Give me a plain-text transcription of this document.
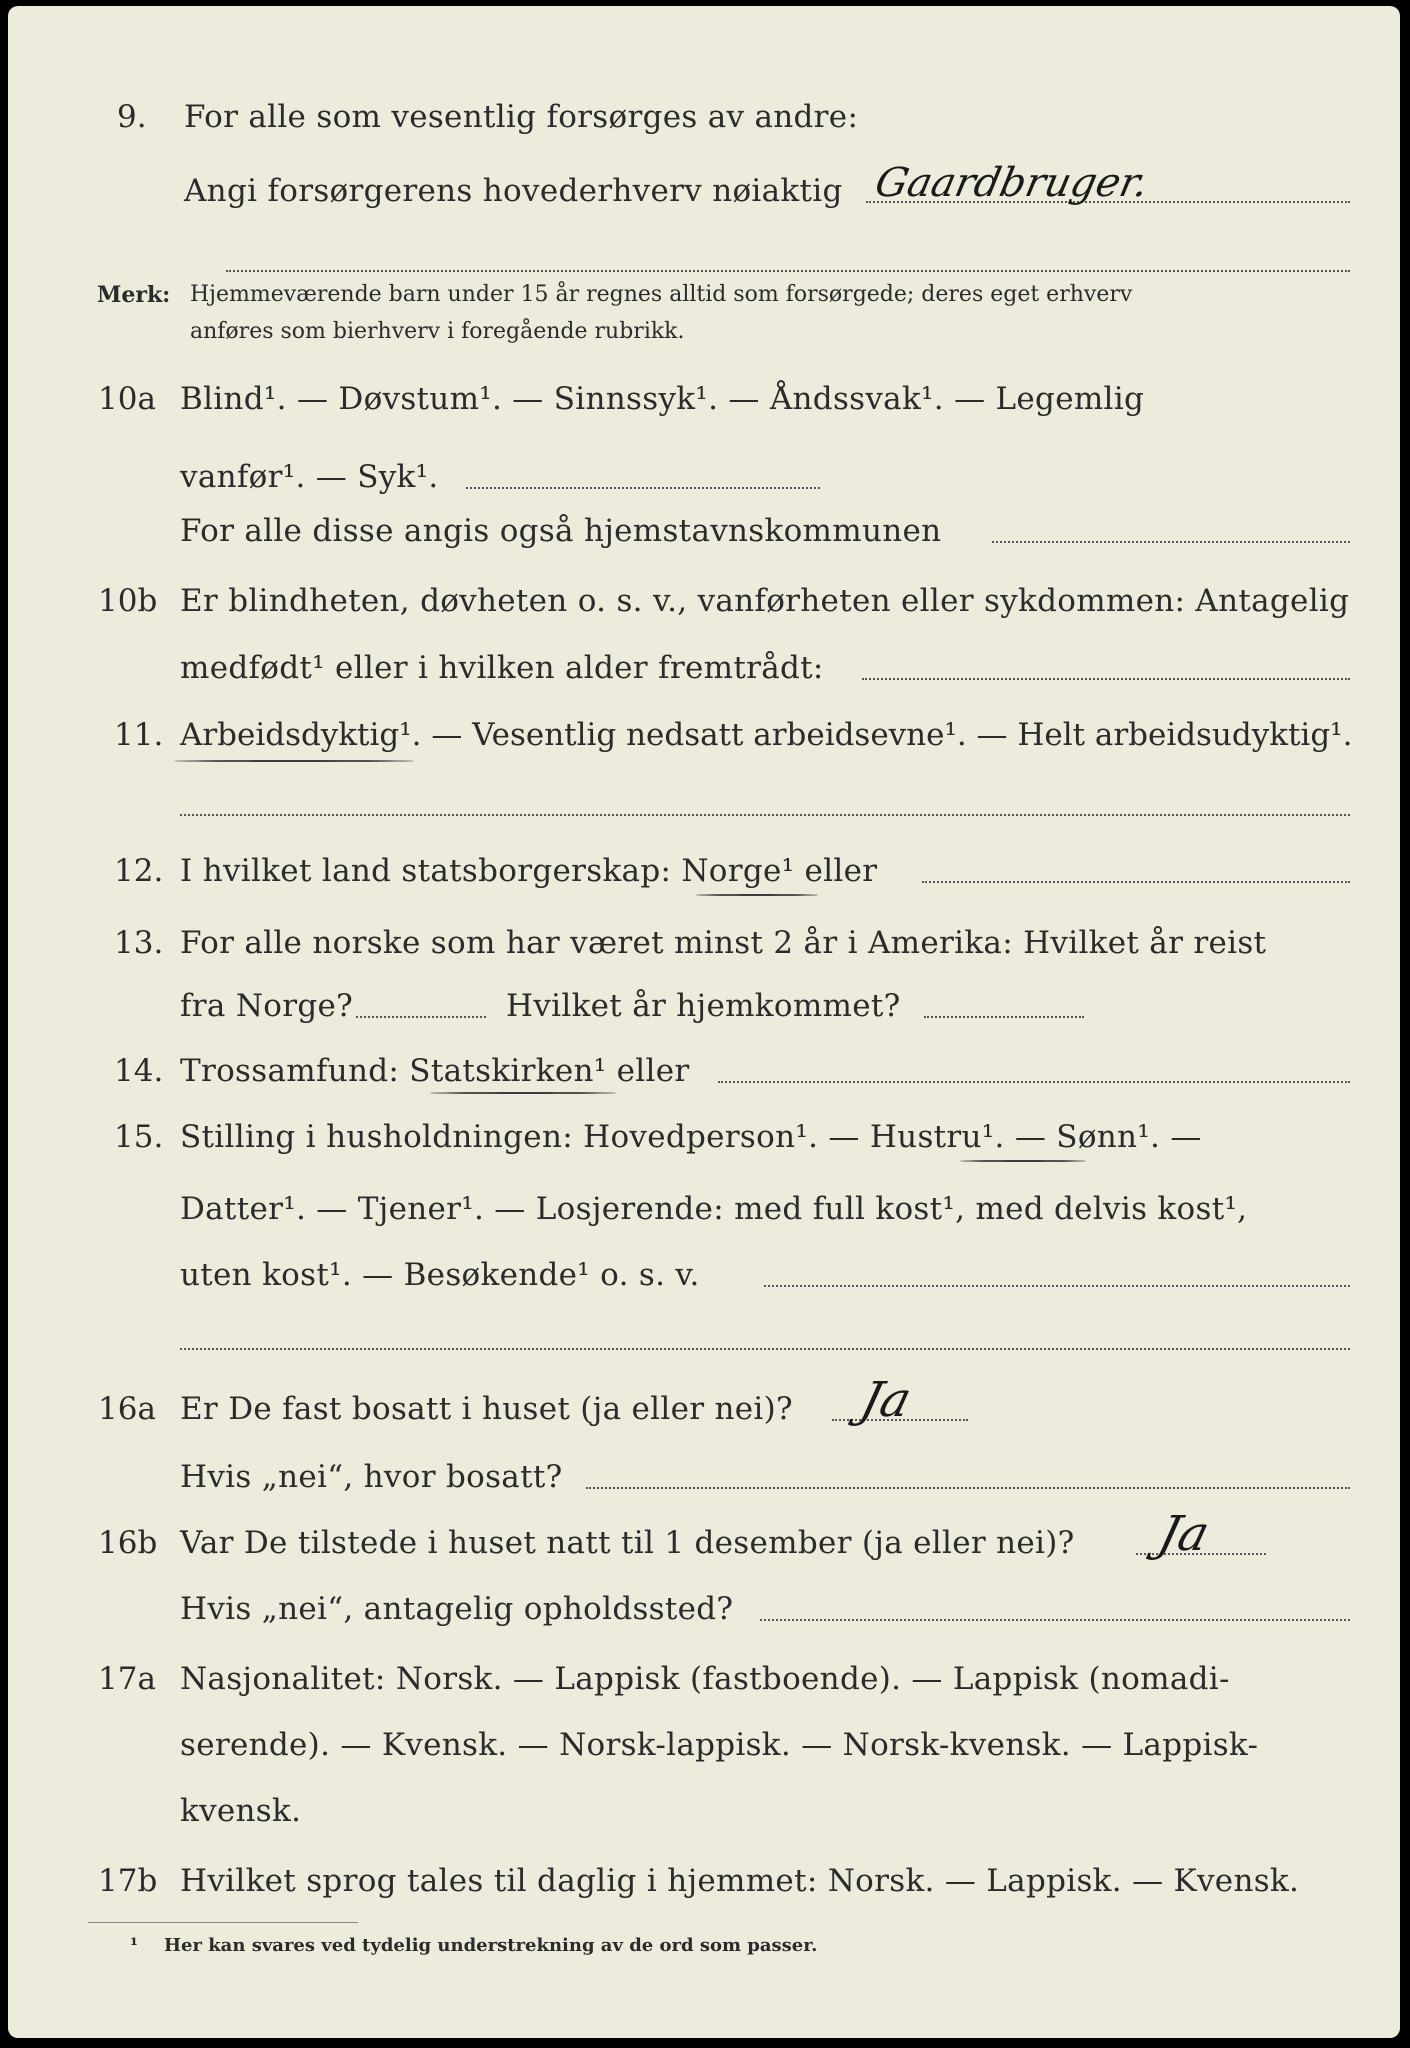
9. For alle som vesentlig forsørges av andre:
Angi forsørgerens hovederhverv nøiaktig Gaardbruger.
Merk: Hjemmeværende barn under 15 år regnes alltid som forsørgede; deres eget erhverv
anføres som bierhverv i foregående rubrikk.
10a Blind¹. — Døvstum¹. — Sinnssyk¹. — Åndssvak¹. — Legemlig
vanfør¹. — Syk¹.
For alle disse angis også hjemstavnskommunen
10b Er blindheten, døvheten o. s. v., vanførheten eller sykdommen: Antagelig
medfødt¹ eller i hvilken alder fremtrådt:
11. Arbeidsdyktig¹. — Vesentlig nedsatt arbeidsevne¹. — Helt arbeidsudyktig¹.
12. I hvilket land statsborgerskap: Norge¹ eller
13. For alle norske som har været minst 2 år i Amerika: Hvilket år reist
fra Norge?	Hvilket år hjemkommet?
14. Trossamfund: Statskirken¹ eller
15. Stilling i husholdningen: Hovedperson¹. — Hustru¹. — Sønn¹. —
Datter¹. — Tjener¹. — Losjerende: med full kost¹, med delvis kost¹,
uten kost¹. — Besøkende¹ o. s. v.
16a Er De fast bosatt i huset (ja eller nei)? Ja
Hvis „nei“, hvor bosatt?
16b Var De tilstede i huset natt til 1 desember (ja eller nei)? Ja
Hvis „nei“, antagelig opholdssted?
17a Nasjonalitet: Norsk. — Lappisk (fastboende). — Lappisk (nomadi-
serende). — Kvensk. — Norsk-lappisk. — Norsk-kvensk. — Lappisk-
kvensk.
17b Hvilket sprog tales til daglig i hjemmet: Norsk. — Lappisk. — Kvensk.
¹ Her kan svares ved tydelig understrekning av de ord som passer.
